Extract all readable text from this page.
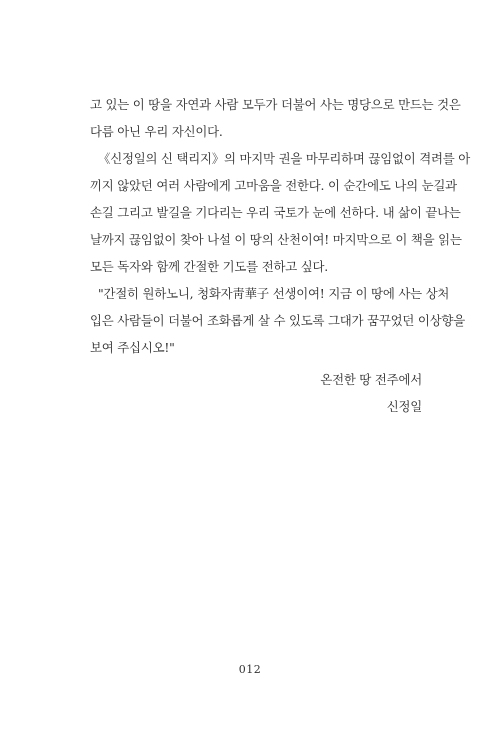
고 있는 이 땅을 자연과 사람 모두가 더불어 사는 명당으로 만드는 것은
다름 아닌 우리 자신이다.
《신정일의 신 택리지》의 마지막 권을 마무리하며 끊임없이 격려를 아
끼지 않았던 여러 사람에게 고마움을 전한다. 이 순간에도 나의 눈길과
손길 그리고 발길을 기다리는 우리 국토가 눈에 선하다. 내 삶이 끝나는
날까지 끊임없이 찾아 나설 이 땅의 산천이여! 마지막으로 이 책을 읽는
모든 독자와 함께 간절한 기도를 전하고 싶다.
"간절히 원하노니, 청화자靑華子 선생이여! 지금 이 땅에 사는 상처
입은 사람들이 더불어 조화롭게 살 수 있도록 그대가 꿈꾸었던 이상향을
보여 주십시오!"
온전한 땅 전주에서
신정일
012
